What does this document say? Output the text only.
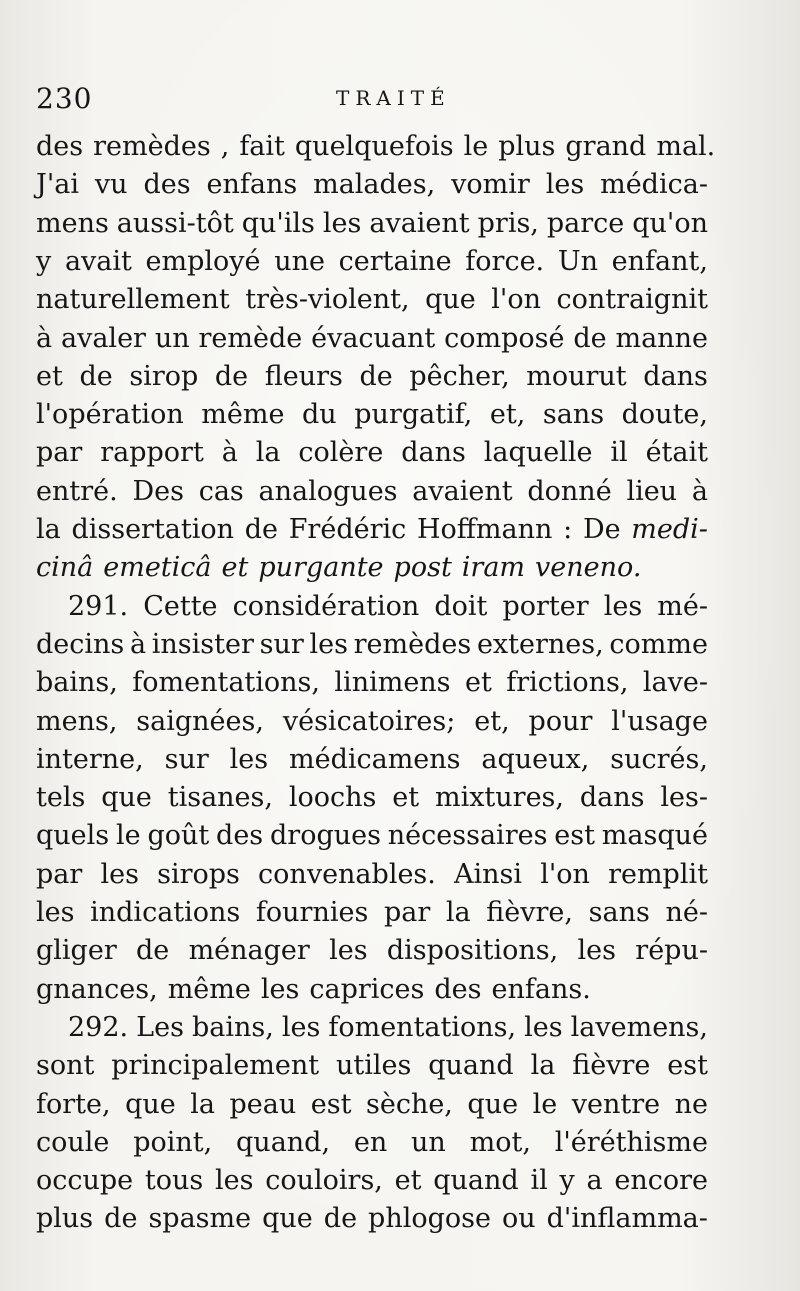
230	TRAITÉ
des remèdes , fait quelquefois le plus grand mal.
J'ai vu des enfans malades, vomir les médica-
mens aussi-tôt qu'ils les avaient pris, parce qu'on
y avait employé une certaine force. Un enfant,
naturellement très-violent, que l'on contraignit
à avaler un remède évacuant composé de manne
et de sirop de fleurs de pêcher, mourut dans
l'opération même du purgatif, et, sans doute,
par rapport à la colère dans laquelle il était
entré. Des cas analogues avaient donné lieu à
la dissertation de Frédéric Hoffmann : De medi-
cinâ emeticâ et purgante post iram veneno.
291. Cette considération doit porter les mé-
decins à insister sur les remèdes externes, comme
bains, fomentations, linimens et frictions, lave-
mens, saignées, vésicatoires; et, pour l'usage
interne, sur les médicamens aqueux, sucrés,
tels que tisanes, loochs et mixtures, dans les-
quels le goût des drogues nécessaires est masqué
par les sirops convenables. Ainsi l'on remplit
les indications fournies par la fièvre, sans né-
gliger de ménager les dispositions, les répu-
gnances, même les caprices des enfans.
292. Les bains, les fomentations, les lavemens,
sont principalement utiles quand la fièvre est
forte, que la peau est sèche, que le ventre ne
coule point, quand, en un mot, l'éréthisme
occupe tous les couloirs, et quand il y a encore
plus de spasme que de phlogose ou d'inflamma-
